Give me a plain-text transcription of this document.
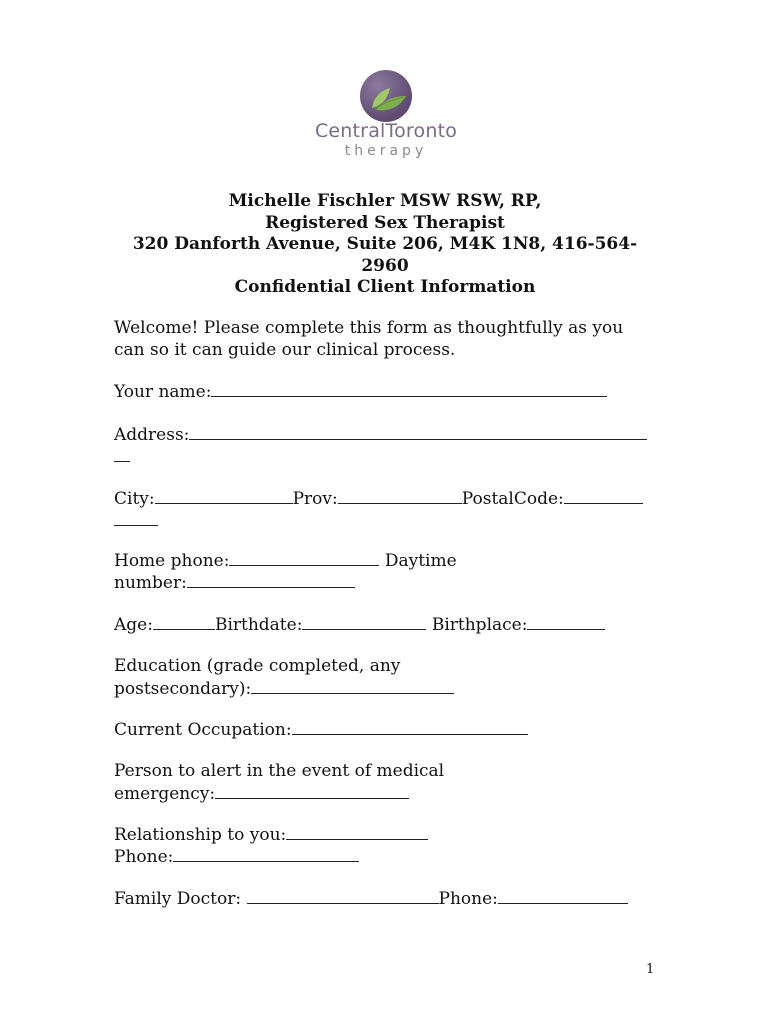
CentralToronto
therapy
Michelle Fischler MSW RSW, RP,
Registered Sex Therapist
320 Danforth Avenue, Suite 206, M4K 1N8, 416-564-
2960
Confidential Client Information
Welcome! Please complete this form as thoughtfully as you
can so it can guide our clinical process.
Your name:
Address:
City:	Prov:	PostalCode:
Home phone:	Daytime
number:
Age:	Birthdate:	Birthplace:
Education (grade completed, any
postsecondary):
Current Occupation:
Person to alert in the event of medical
emergency:
Relationship to you:
Phone:
Family Doctor:	Phone:
1
